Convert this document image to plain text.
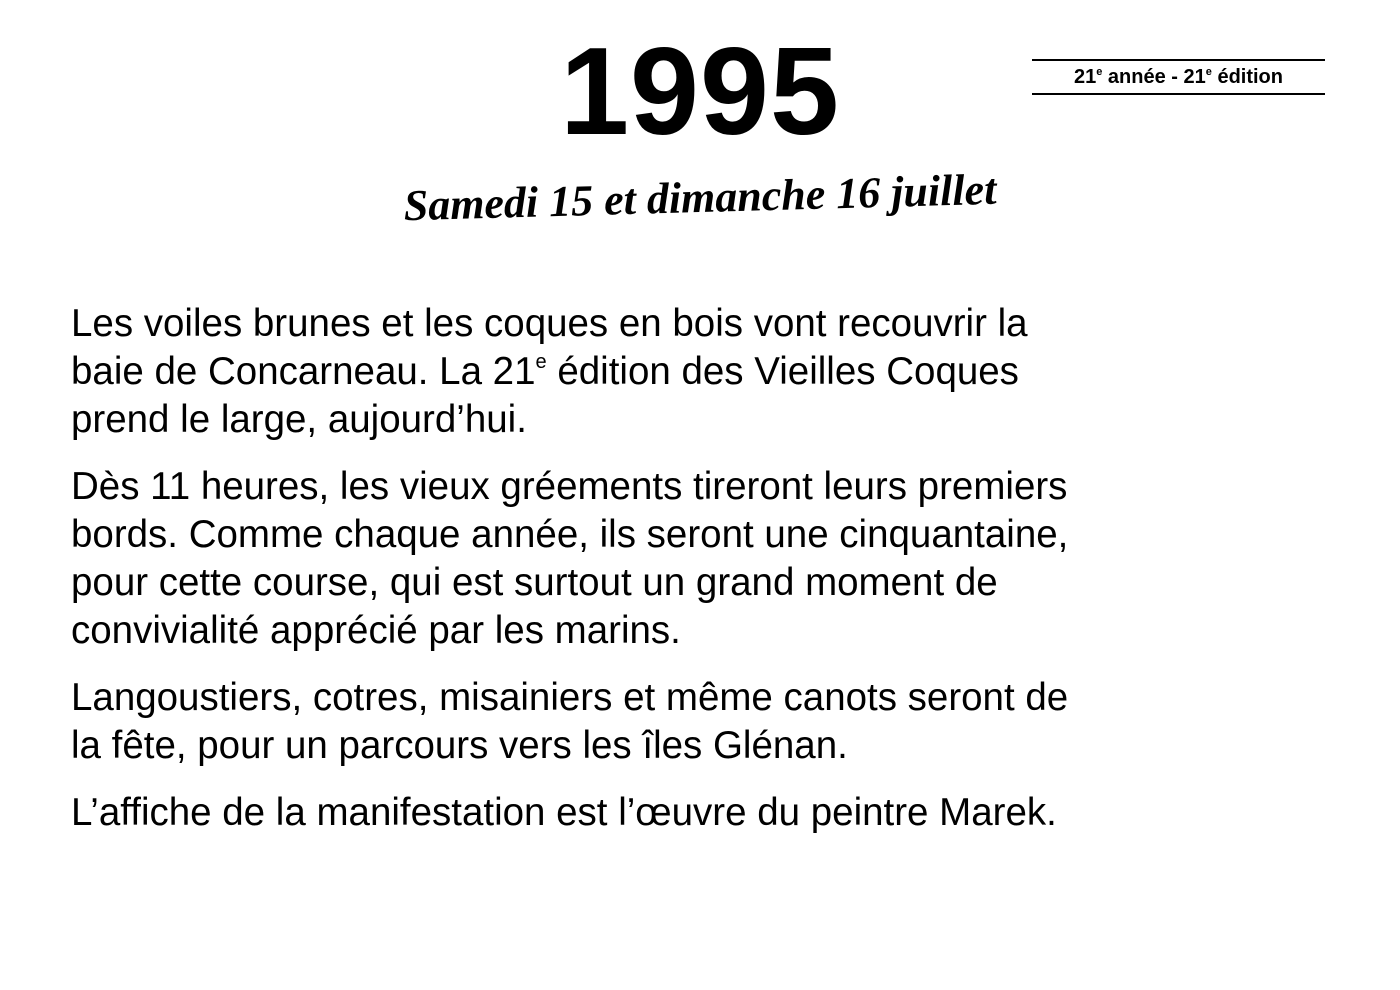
1995	21e année - 21e édition
Samedi 15 et dimanche 16 juillet

Les voiles brunes et les coques en bois vont recouvrir la
baie de Concarneau. La 21e édition des Vieilles Coques
prend le large, aujourd’hui.

Dès 11 heures, les vieux gréements tireront leurs premiers
bords. Comme chaque année, ils seront une cinquantaine,
pour cette course, qui est surtout un grand moment de
convivialité apprécié par les marins.

Langoustiers, cotres, misainiers et même canots seront de
la fête, pour un parcours vers les îles Glénan.

L’affiche de la manifestation est l’œuvre du peintre Marek.
